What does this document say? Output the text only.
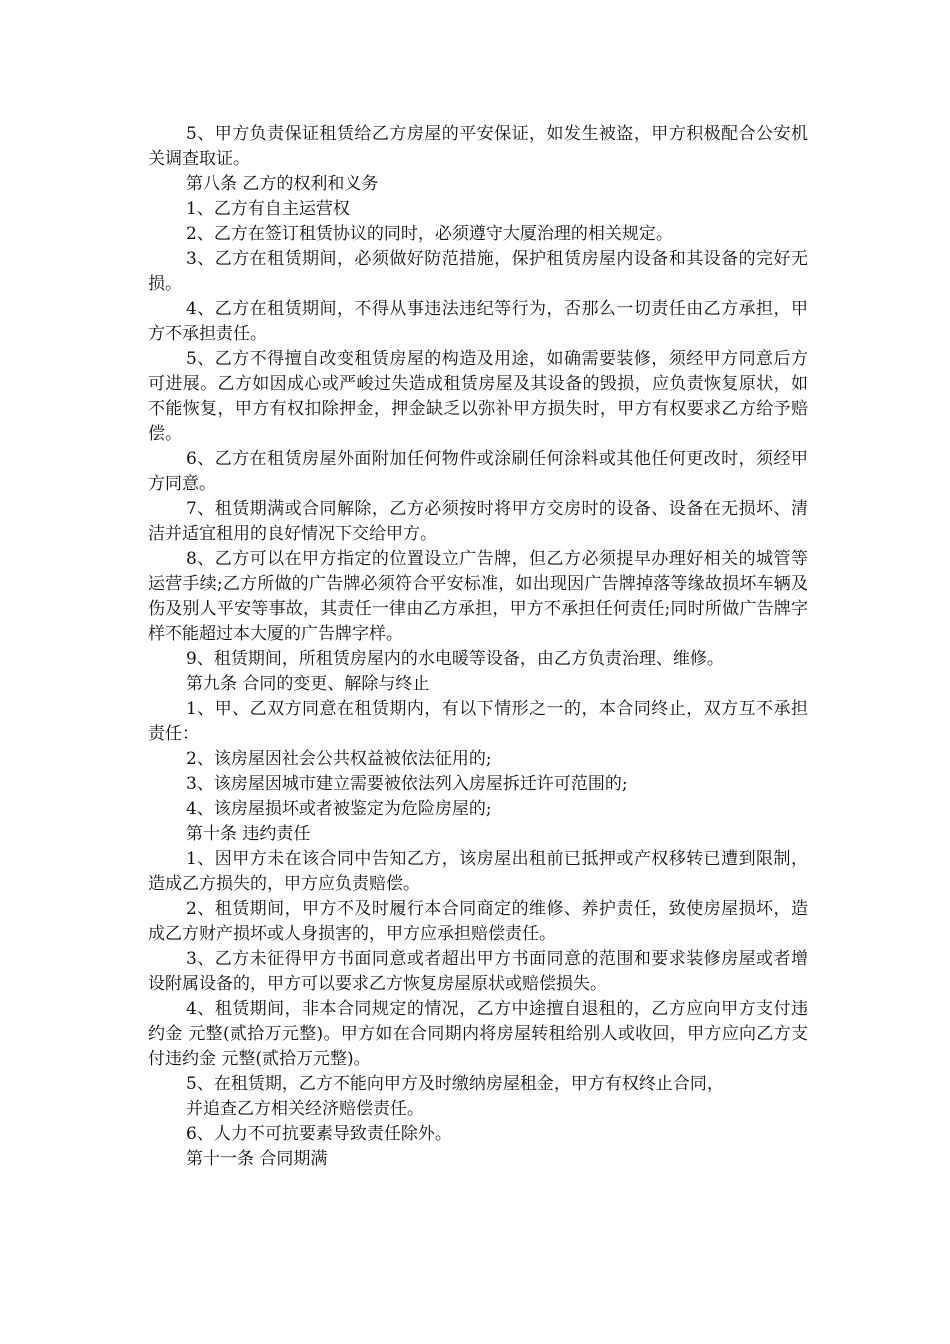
5、甲方负责保证租赁给乙方房屋的平安保证，如发生被盗，甲方积极配合公安机关调查取证。

第八条 乙方的权利和义务

1、乙方有自主运营权

2、乙方在签订租赁协议的同时，必须遵守大厦治理的相关规定。

3、乙方在租赁期间，必须做好防范措施，保护租赁房屋内设备和其设备的完好无损。

4、乙方在租赁期间，不得从事违法违纪等行为，否那么一切责任由乙方承担，甲方不承担责任。

5、乙方不得擅自改变租赁房屋的构造及用途，如确需要装修，须经甲方同意后方可进展。乙方如因成心或严峻过失造成租赁房屋及其设备的毁损，应负责恢复原状，如不能恢复，甲方有权扣除押金，押金缺乏以弥补甲方损失时，甲方有权要求乙方给予赔偿。

6、乙方在租赁房屋外面附加任何物件或涂刷任何涂料或其他任何更改时，须经甲方同意。

7、租赁期满或合同解除，乙方必须按时将甲方交房时的设备、设备在无损坏、清洁并适宜租用的良好情况下交给甲方。

8、乙方可以在甲方指定的位置设立广告牌，但乙方必须提早办理好相关的城管等运营手续;乙方所做的广告牌必须符合平安标准，如出现因广告牌掉落等缘故损坏车辆及伤及别人平安等事故，其责任一律由乙方承担，甲方不承担任何责任;同时所做广告牌字样不能超过本大厦的广告牌字样。

9、租赁期间，所租赁房屋内的水电暖等设备，由乙方负责治理、维修。

第九条 合同的变更、解除与终止

1、甲、乙双方同意在租赁期内，有以下情形之一的，本合同终止，双方互不承担责任：

2、该房屋因社会公共权益被依法征用的;

3、该房屋因城市建立需要被依法列入房屋拆迁许可范围的;

4、该房屋损坏或者被鉴定为危险房屋的;

第十条 违约责任

1、因甲方未在该合同中告知乙方，该房屋出租前已抵押或产权移转已遭到限制，造成乙方损失的，甲方应负责赔偿。

2、租赁期间，甲方不及时履行本合同商定的维修、养护责任，致使房屋损坏，造成乙方财产损坏或人身损害的，甲方应承担赔偿责任。

3、乙方未征得甲方书面同意或者超出甲方书面同意的范围和要求装修房屋或者增设附属设备的，甲方可以要求乙方恢复房屋原状或赔偿损失。

4、租赁期间，非本合同规定的情况，乙方中途擅自退租的，乙方应向甲方支付违约金 元整(贰拾万元整)。甲方如在合同期内将房屋转租给别人或收回，甲方应向乙方支付违约金 元整(贰拾万元整)。

5、在租赁期，乙方不能向甲方及时缴纳房屋租金，甲方有权终止合同，

并追查乙方相关经济赔偿责任。

6、人力不可抗要素导致责任除外。

第十一条 合同期满
